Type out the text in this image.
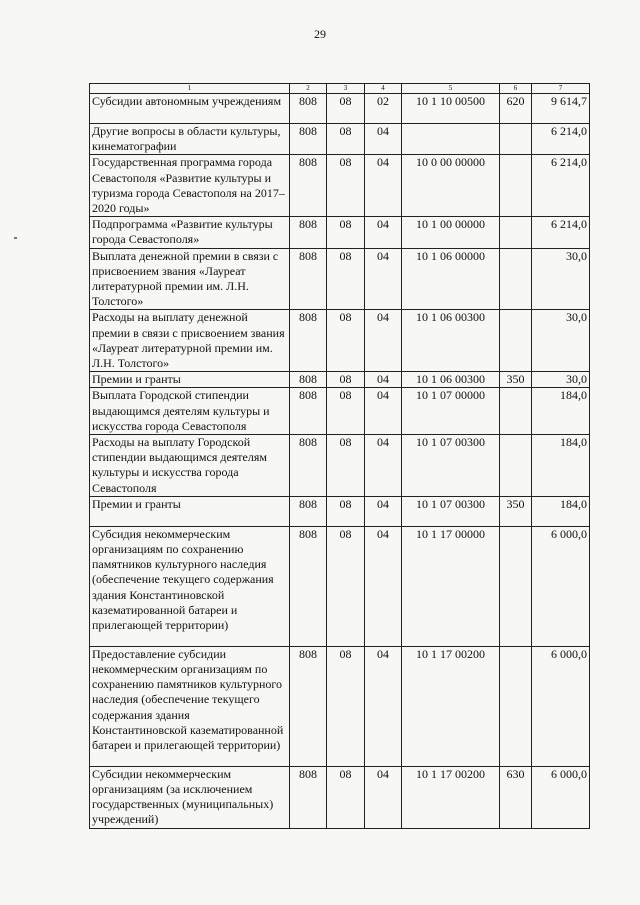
29
1	2	3	4	5	6	7
Субсидии автономным учреждениям	808	08	02	10 1 10 00500	620	9 614,7
Другие вопросы в области культуры, кинематографии	808	08	04			6 214,0
Государственная программа города Севастополя «Развитие культуры и туризма города Севастополя на 2017–2020 годы»	808	08	04	10 0 00 00000		6 214,0
Подпрограмма «Развитие культуры города Севастополя»	808	08	04	10 1 00 00000		6 214,0
Выплата денежной премии в связи с присвоением звания «Лауреат литературной премии им. Л.Н. Толстого»	808	08	04	10 1 06 00000		30,0
Расходы на выплату денежной премии в связи с присвоением звания «Лауреат литературной премии им. Л.Н. Толстого»	808	08	04	10 1 06 00300		30,0
Премии и гранты	808	08	04	10 1 06 00300	350	30,0
Выплата Городской стипендии выдающимся деятелям культуры и искусства города Севастополя	808	08	04	10 1 07 00000		184,0
Расходы на выплату Городской стипендии выдающимся деятелям культуры и искусства города Севастополя	808	08	04	10 1 07 00300		184,0
Премии и гранты	808	08	04	10 1 07 00300	350	184,0
Субсидия некоммерческим организациям по сохранению памятников культурного наследия (обеспечение текущего содержания здания Константиновской казематированной батареи и прилегающей территории)	808	08	04	10 1 17 00000		6 000,0
Предоставление субсидии некоммерческим организациям по сохранению памятников культурного наследия (обеспечение текущего содержания здания Константиновской казематированной батареи и прилегающей территории)	808	08	04	10 1 17 00200		6 000,0
Субсидии некоммерческим организациям (за исключением государственных (муниципальных) учреждений)	808	08	04	10 1 17 00200	630	6 000,0
